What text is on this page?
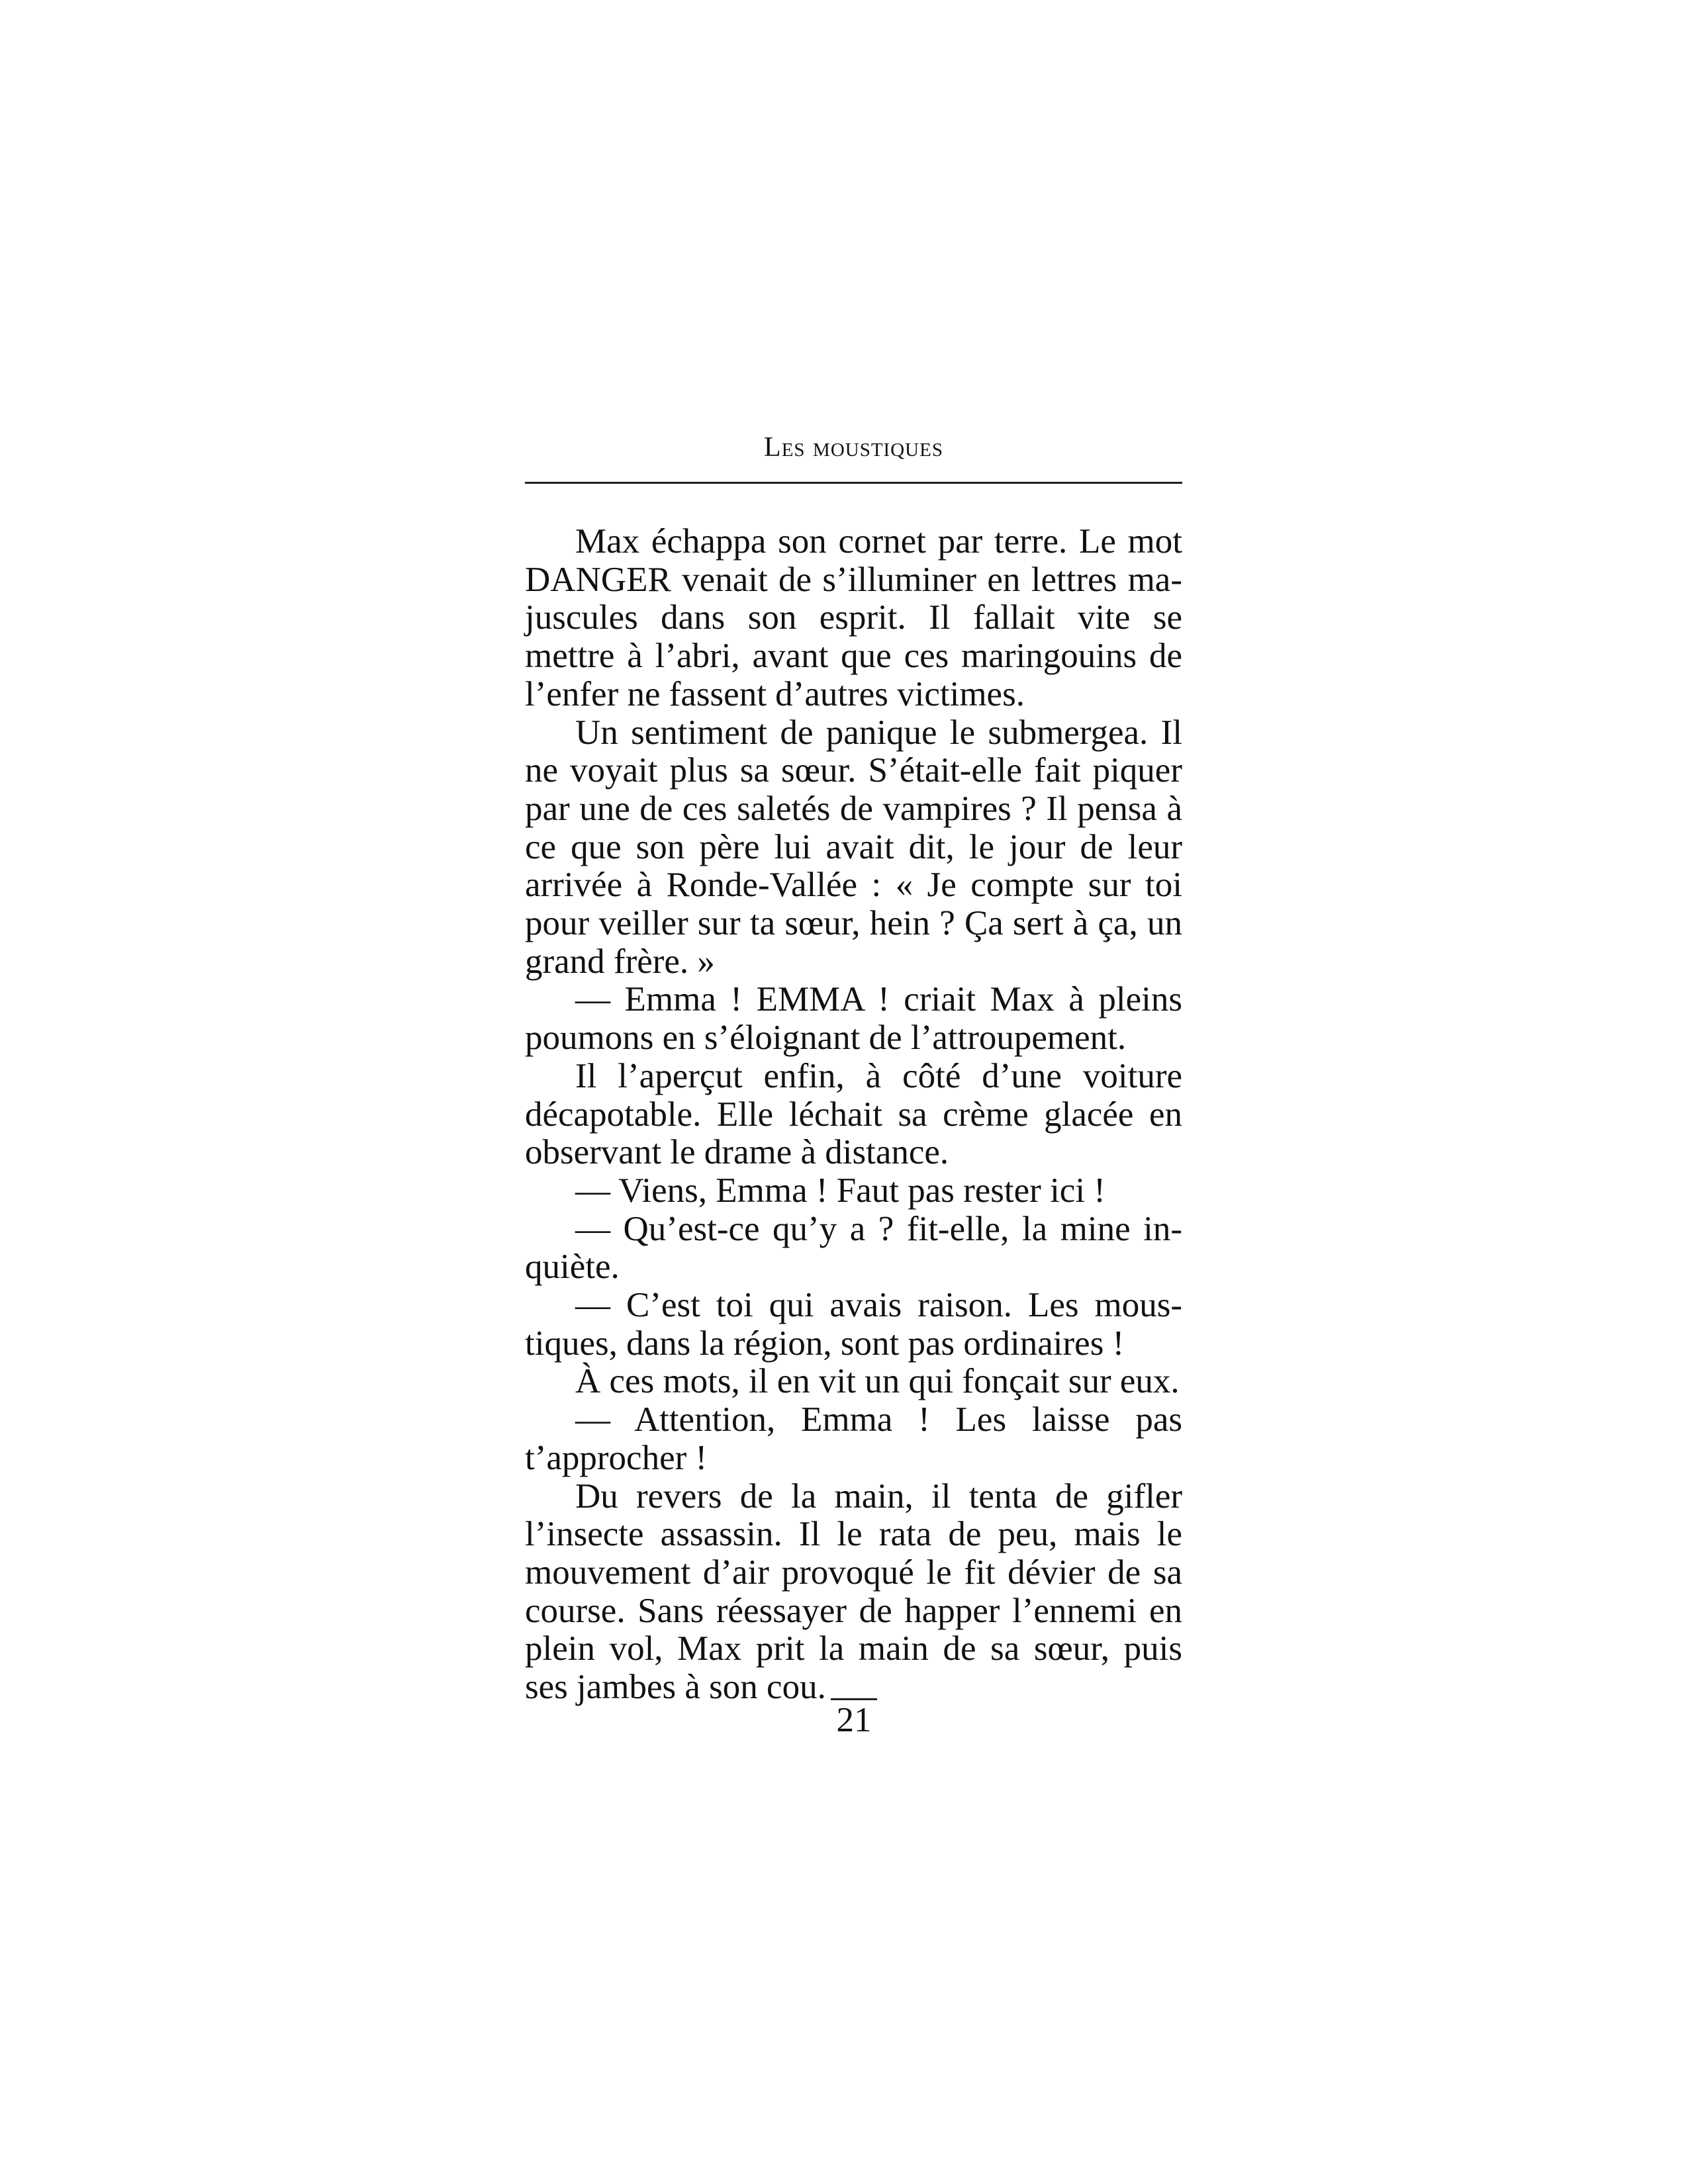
Les moustiques

Max échappa son cornet par terre. Le mot DANGER venait de s’illuminer en lettres majuscules dans son esprit. Il fallait vite se mettre à l’abri, avant que ces maringouins de l’enfer ne fassent d’autres victimes.

Un sentiment de panique le submergea. Il ne voyait plus sa sœur. S’était-elle fait piquer par une de ces saletés de vampires ? Il pensa à ce que son père lui avait dit, le jour de leur arrivée à Ronde-Vallée : « Je compte sur toi pour veiller sur ta sœur, hein ? Ça sert à ça, un grand frère. »

— Emma ! EMMA ! criait Max à pleins poumons en s’éloignant de l’attroupement.

Il l’aperçut enfin, à côté d’une voiture décapotable. Elle léchait sa crème glacée en observant le drame à distance.

— Viens, Emma ! Faut pas rester ici !

— Qu’est-ce qu’y a ? fit-elle, la mine inquiète.

— C’est toi qui avais raison. Les moustiques, dans la région, sont pas ordinaires !

À ces mots, il en vit un qui fonçait sur eux.

— Attention, Emma ! Les laisse pas t’approcher !

Du revers de la main, il tenta de gifler l’insecte assassin. Il le rata de peu, mais le mouvement d’air provoqué le fit dévier de sa course. Sans réessayer de happer l’ennemi en plein vol, Max prit la main de sa sœur, puis ses jambes à son cou.

21
